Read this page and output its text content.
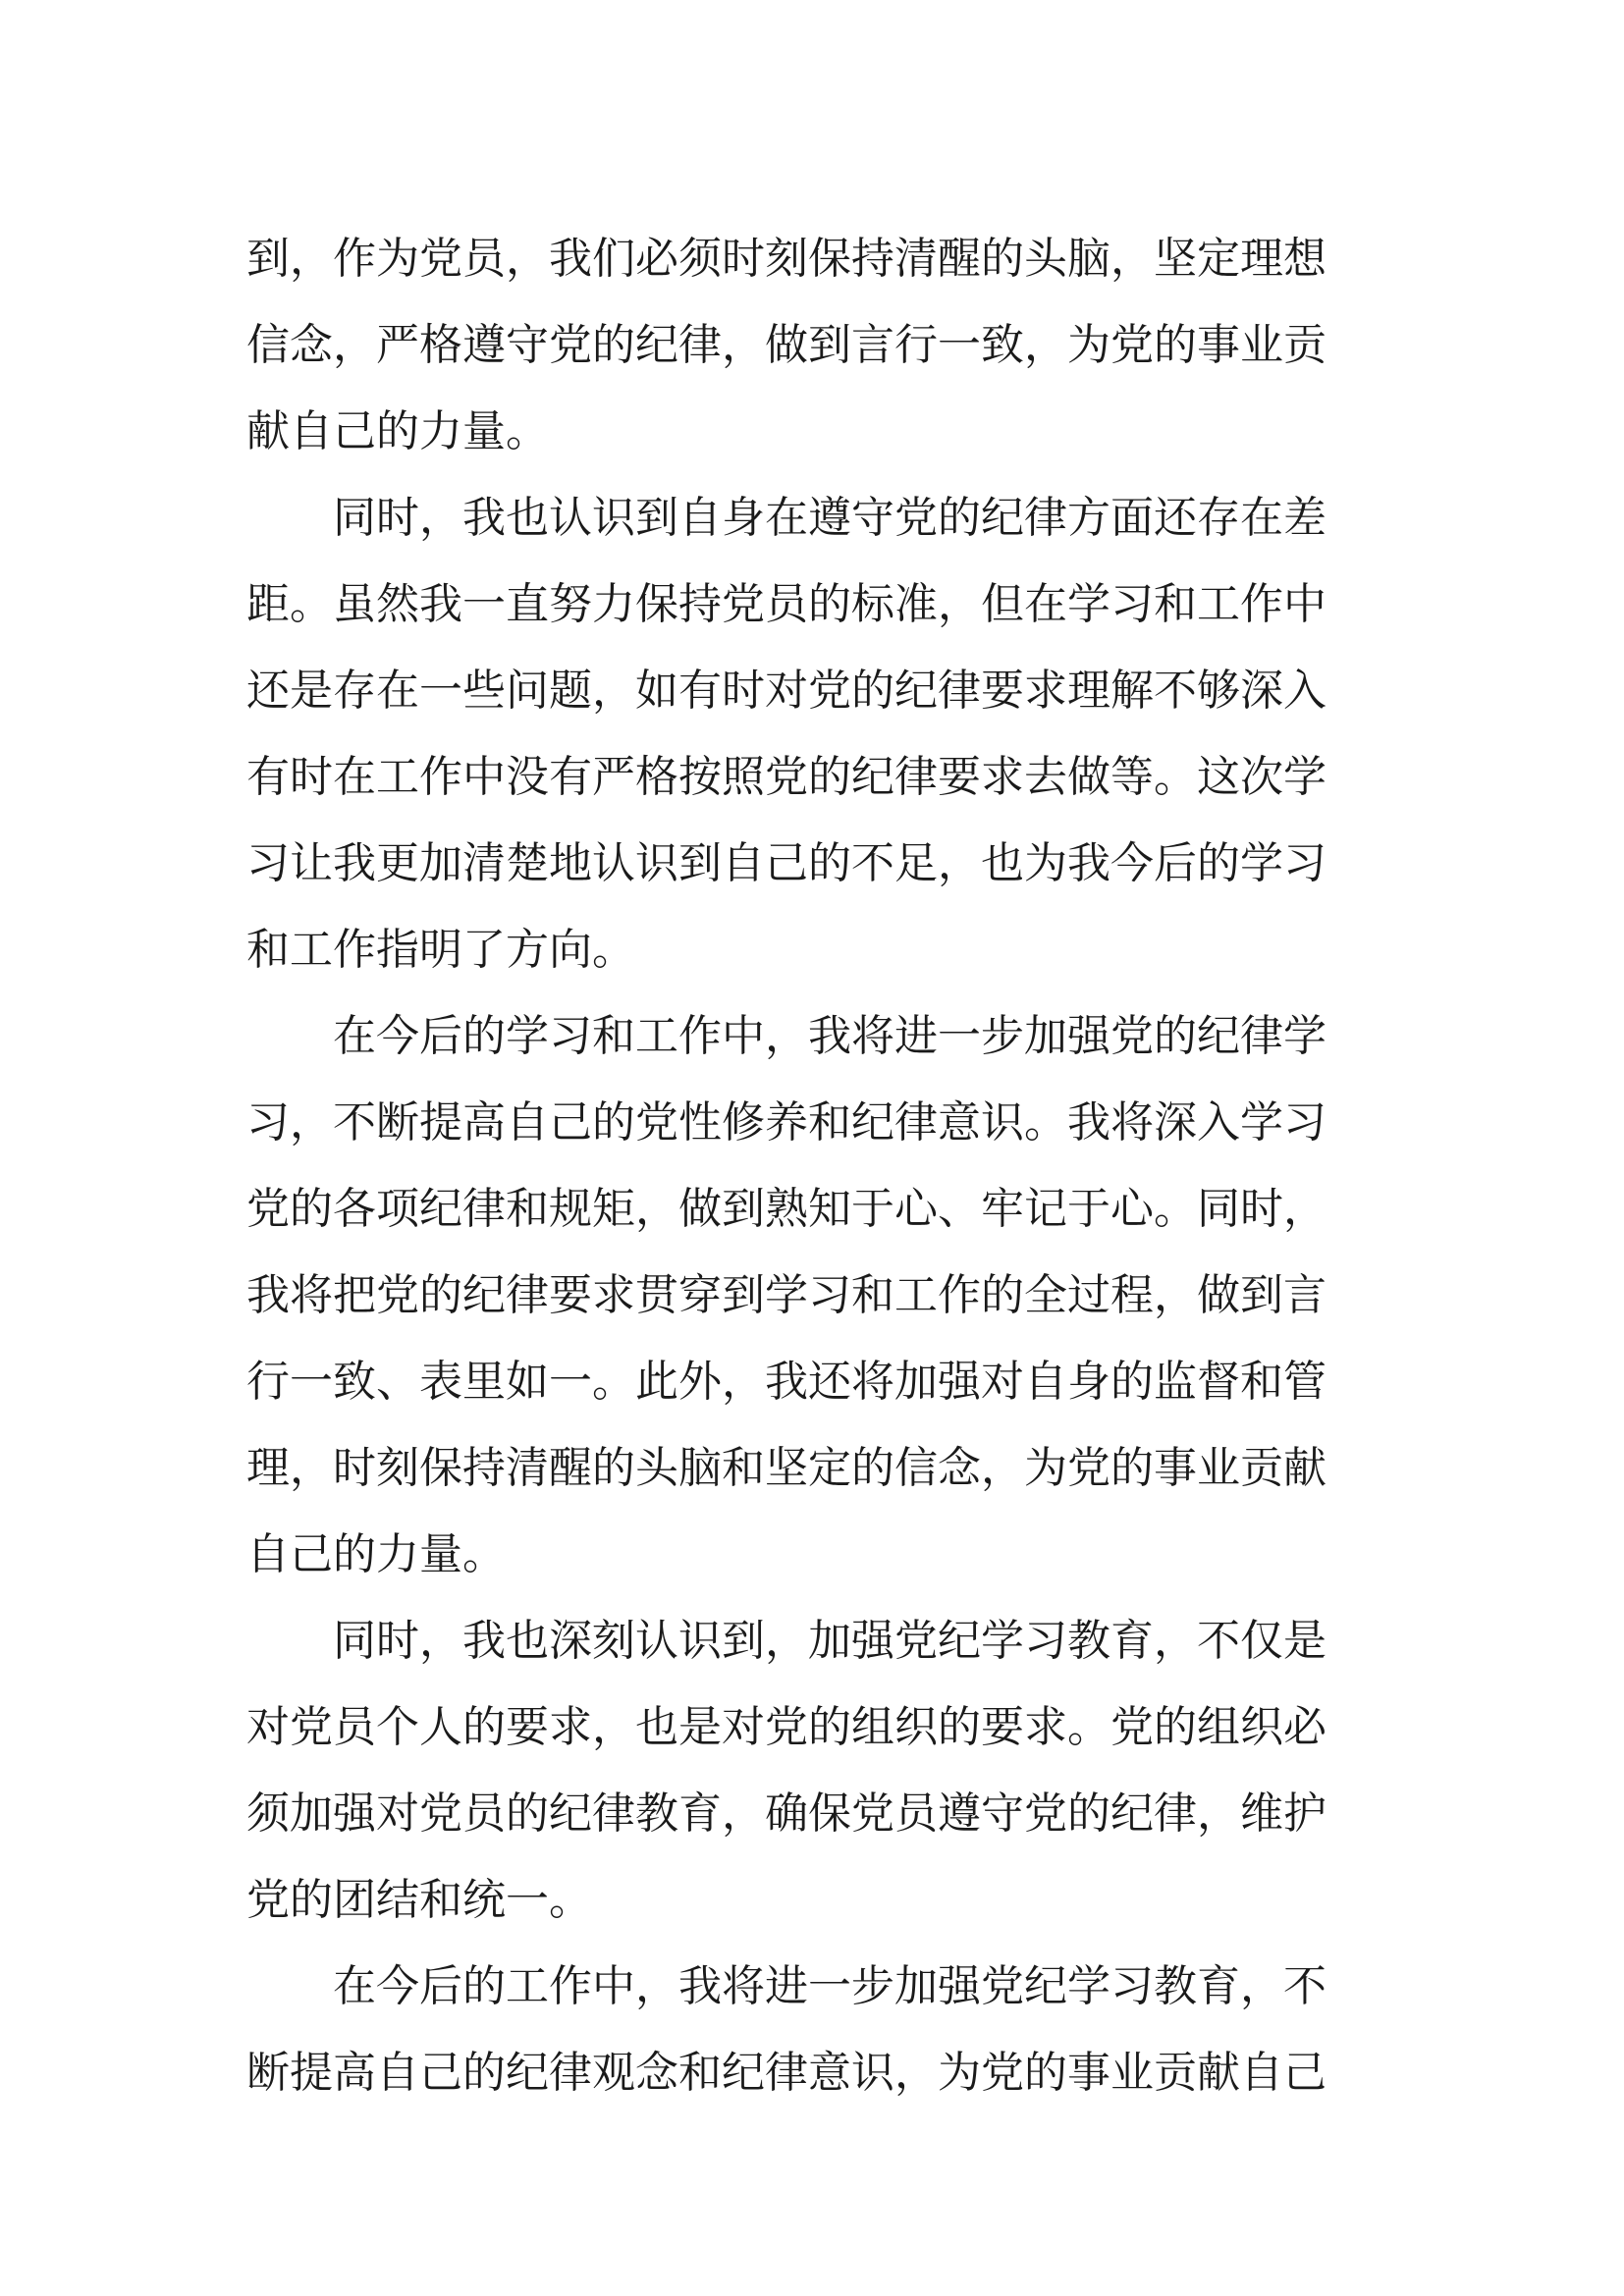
到，作为党员，我们必须时刻保持清醒的头脑，坚定理想
信念，严格遵守党的纪律，做到言行一致，为党的事业贡
献自己的力量。
同时，我也认识到自身在遵守党的纪律方面还存在差
距。虽然我一直努力保持党员的标准，但在学习和工作中
还是存在一些问题，如有时对党的纪律要求理解不够深入
有时在工作中没有严格按照党的纪律要求去做等。这次学
习让我更加清楚地认识到自己的不足，也为我今后的学习
和工作指明了方向。
在今后的学习和工作中，我将进一步加强党的纪律学
习，不断提高自己的党性修养和纪律意识。我将深入学习
党的各项纪律和规矩，做到熟知于心、牢记于心。同时，
我将把党的纪律要求贯穿到学习和工作的全过程，做到言
行一致、表里如一。此外，我还将加强对自身的监督和管
理，时刻保持清醒的头脑和坚定的信念，为党的事业贡献
自己的力量。
同时，我也深刻认识到，加强党纪学习教育，不仅是
对党员个人的要求，也是对党的组织的要求。党的组织必
须加强对党员的纪律教育，确保党员遵守党的纪律，维护
党的团结和统一。
在今后的工作中，我将进一步加强党纪学习教育，不
断提高自己的纪律观念和纪律意识，为党的事业贡献自己
